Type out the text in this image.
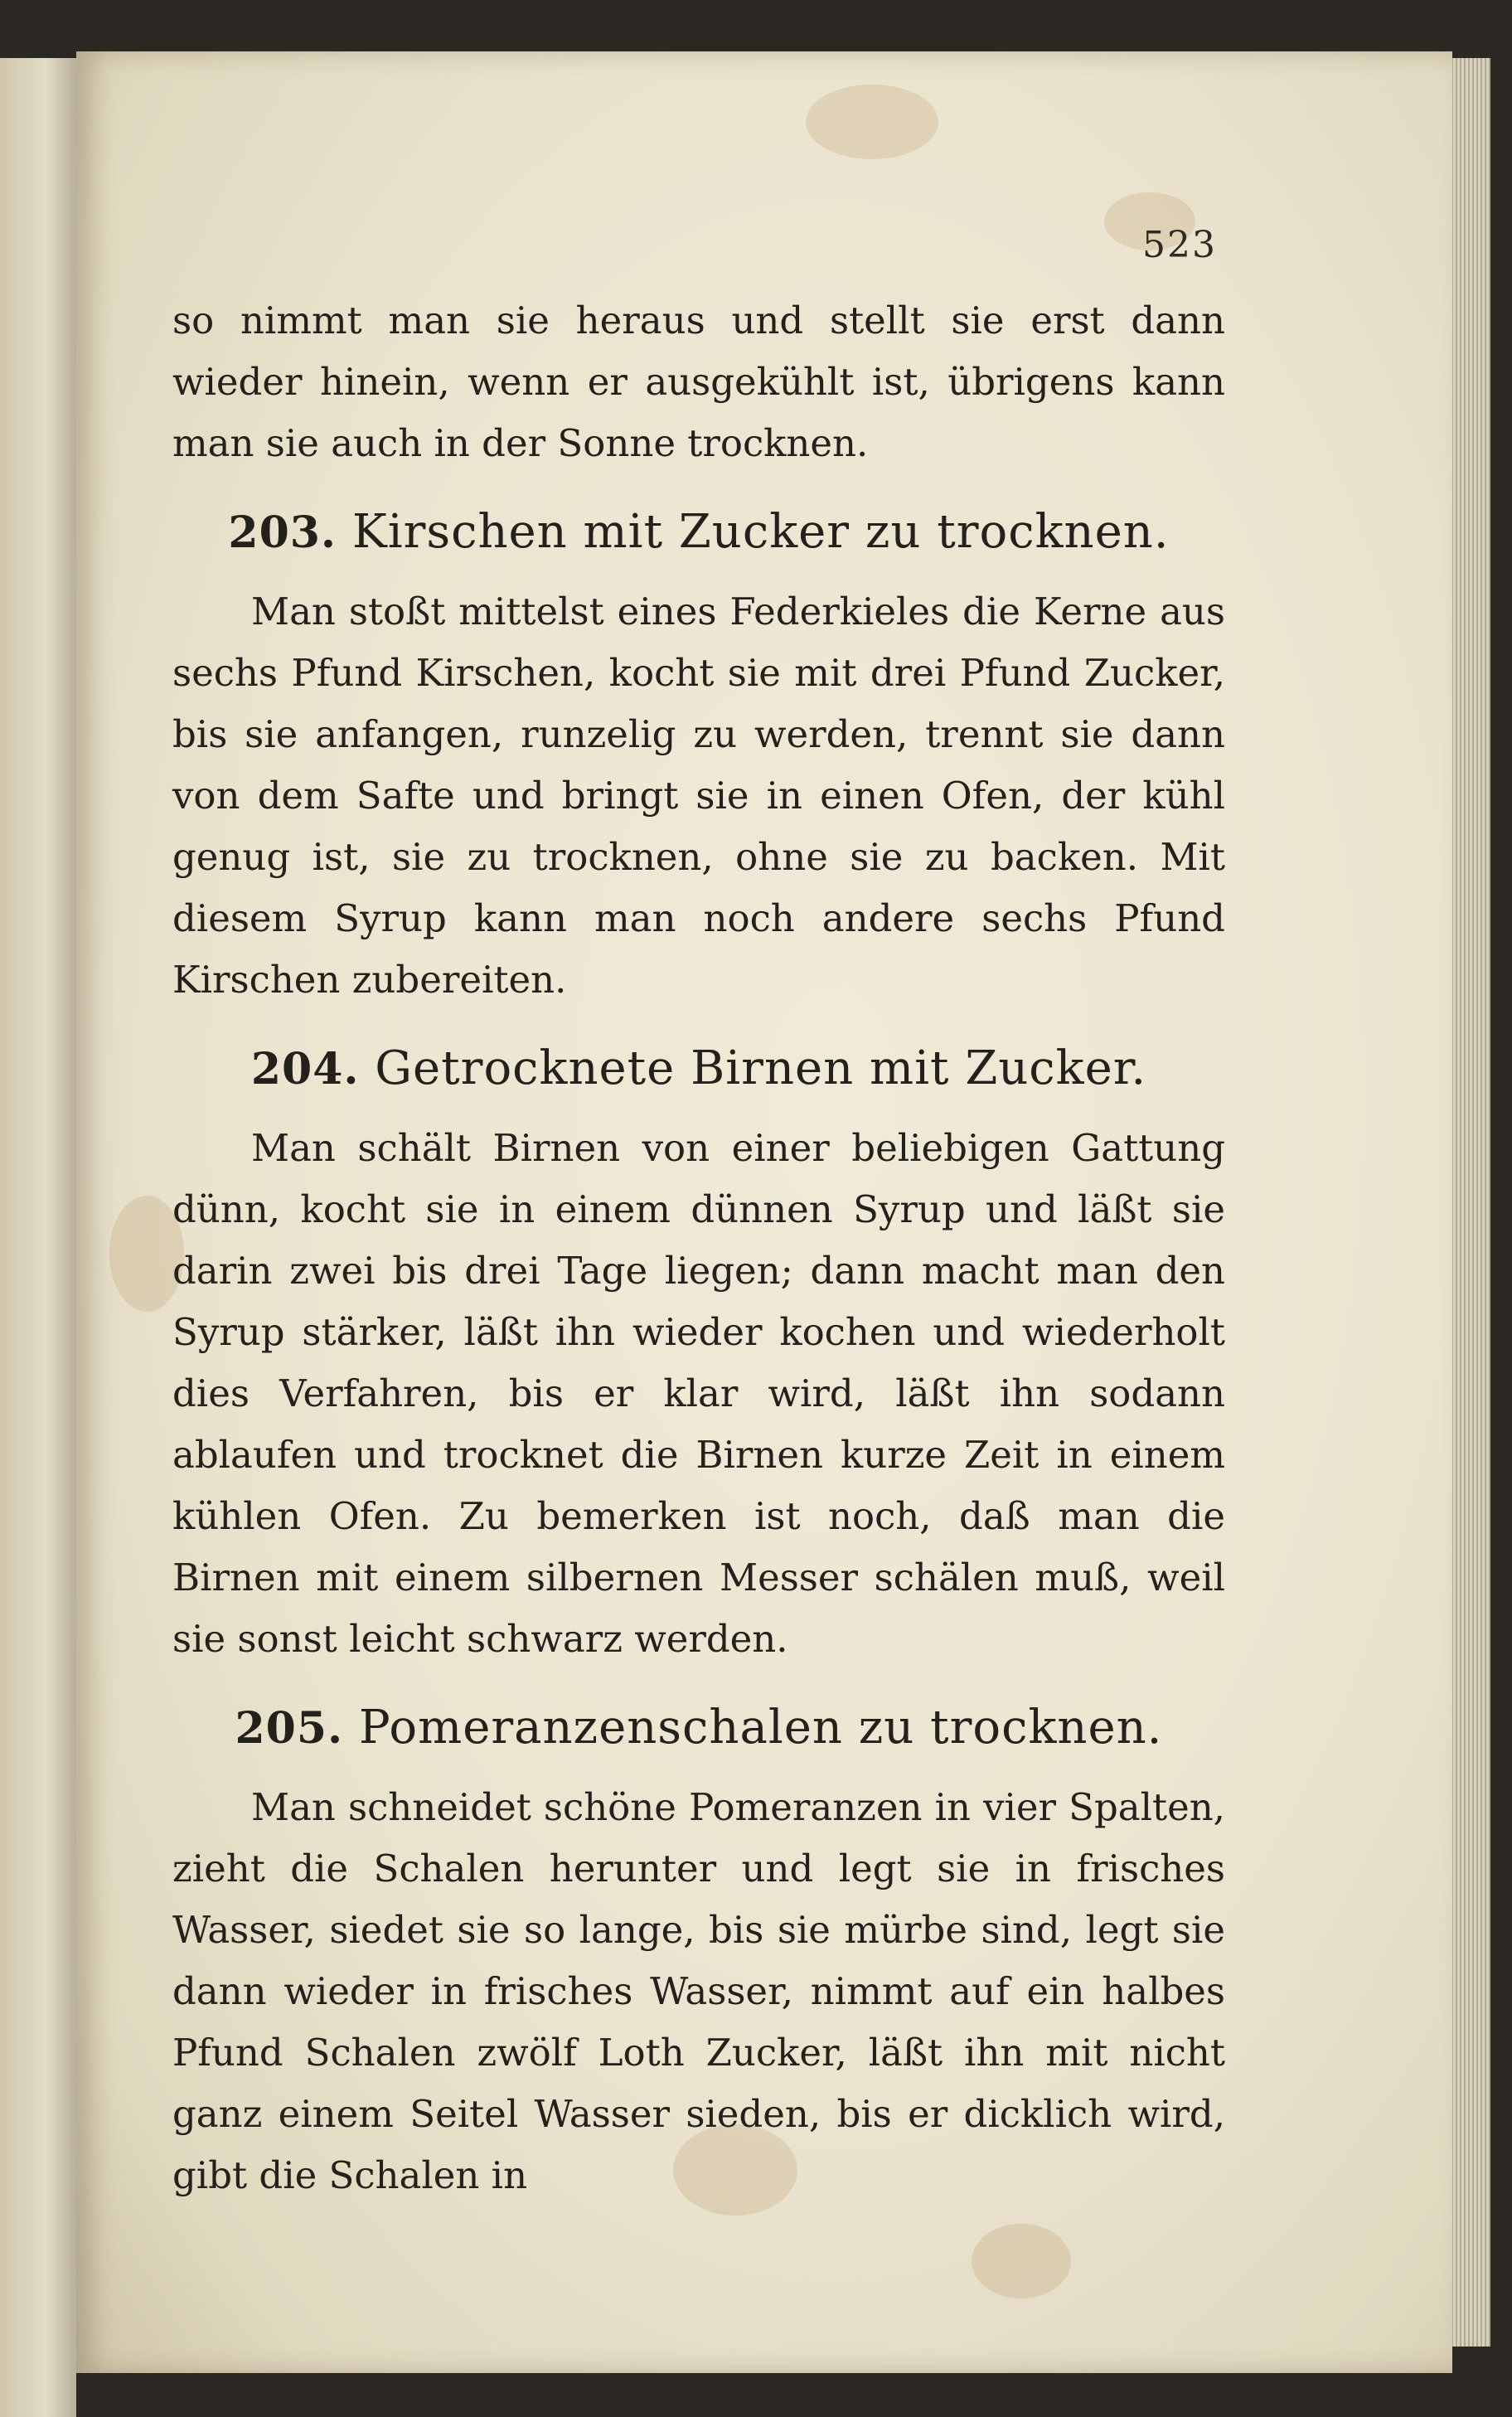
523

so nimmt man sie heraus und stellt sie erst dann wieder hinein, wenn er ausgekühlt ist, übrigens kann man sie auch in der Sonne trocknen.

203. Kirschen mit Zucker zu trocknen.

Man stoßt mittelst eines Federkieles die Kerne aus sechs Pfund Kirschen, kocht sie mit drei Pfund Zucker, bis sie anfangen, runzelig zu werden, trennt sie dann von dem Safte und bringt sie in einen Ofen, der kühl genug ist, sie zu trocknen, ohne sie zu backen. Mit diesem Syrup kann man noch andere sechs Pfund Kirschen zubereiten.

204. Getrocknete Birnen mit Zucker.

Man schält Birnen von einer beliebigen Gattung dünn, kocht sie in einem dünnen Syrup und läßt sie darin zwei bis drei Tage liegen; dann macht man den Syrup stärker, läßt ihn wieder kochen und wiederholt dies Verfahren, bis er klar wird, läßt ihn sodann ablaufen und trocknet die Birnen kurze Zeit in einem kühlen Ofen. Zu bemerken ist noch, daß man die Birnen mit einem silbernen Messer schälen muß, weil sie sonst leicht schwarz werden.

205. Pomeranzenschalen zu trocknen.

Man schneidet schöne Pomeranzen in vier Spalten, zieht die Schalen herunter und legt sie in frisches Wasser, siedet sie so lange, bis sie mürbe sind, legt sie dann wieder in frisches Wasser, nimmt auf ein halbes Pfund Schalen zwölf Loth Zucker, läßt ihn mit nicht ganz einem Seitel Wasser sieden, bis er dicklich wird, gibt die Schalen in
